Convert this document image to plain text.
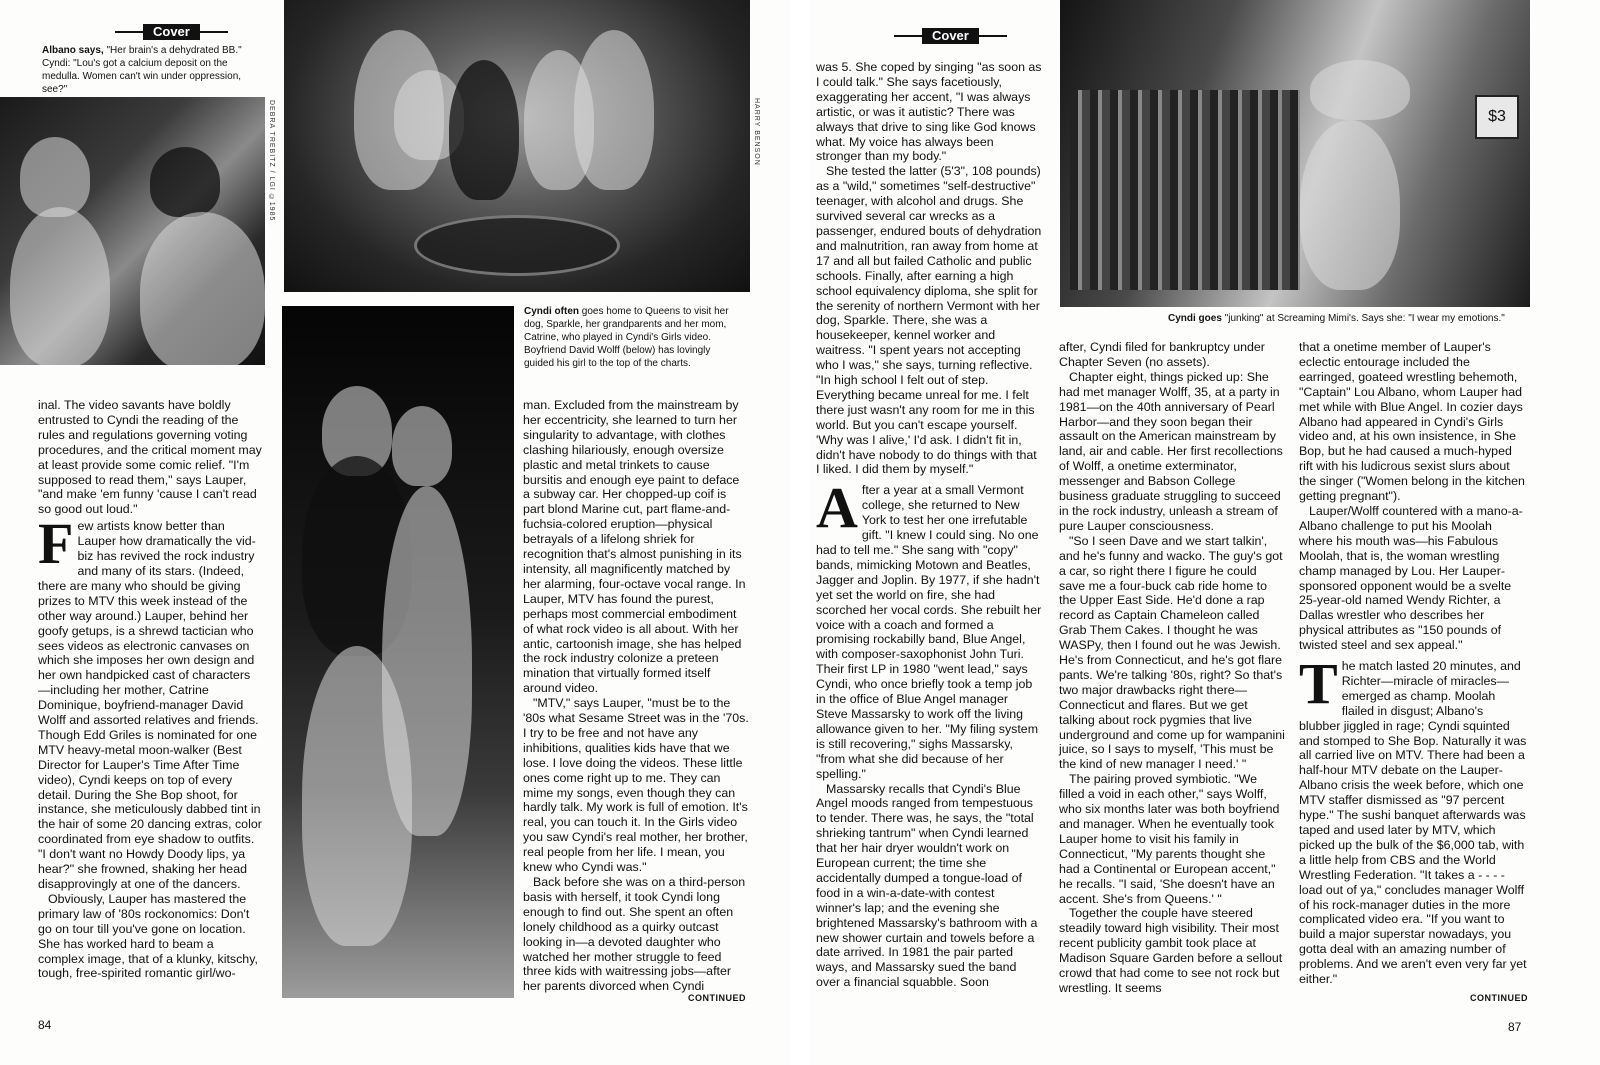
Cover
Albano says, "Her brain's a dehydrated BB." Cyndi: "Lou's got a calcium deposit on the medulla. Women can't win under oppression, see?"
DEBRA TREBITZ / LGI ©1985	HARRY BENSON
Cyndi often goes home to Queens to visit her dog, Sparkle, her grandparents and her mom, Catrine, who played in Cyndi's Girls video. Boyfriend David Wolff (below) has lovingly guided his girl to the top of the charts.

inal. The video savants have boldly entrusted to Cyndi the reading of the rules and regulations governing voting procedures, and the critical moment may at least provide some comic relief. "I'm supposed to read them," says Lauper, "and make 'em funny 'cause I can't read so good out loud."

Few artists know better than Lauper how dramatically the vid-biz has revived the rock industry and many of its stars. (Indeed, there are many who should be giving prizes to MTV this week instead of the other way around.) Lauper, behind her goofy getups, is a shrewd tactician who sees videos as electronic canvases on which she imposes her own design and her own handpicked cast of characters—including her mother, Catrine Dominique, boyfriend-manager David Wolff and assorted relatives and friends. Though Edd Griles is nominated for one MTV heavy-metal moon-walker (Best Director for Lauper's Time After Time video), Cyndi keeps on top of every detail. During the She Bop shoot, for instance, she meticulously dabbed tint in the hair of some 20 dancing extras, color coordinated from eye shadow to outfits. "I don't want no Howdy Doody lips, ya hear?" she frowned, shaking her head disapprovingly at one of the dancers.

Obviously, Lauper has mastered the primary law of '80s rockonomics: Don't go on tour till you've gone on location. She has worked hard to beam a complex image, that of a klunky, kitschy, tough, free-spirited romantic girl/wo-

man. Excluded from the mainstream by her eccentricity, she learned to turn her singularity to advantage, with clothes clashing hilariously, enough oversize plastic and metal trinkets to cause bursitis and enough eye paint to deface a subway car. Her chopped-up coif is part blond Marine cut, part flame-and-fuchsia-colored eruption—physical betrayals of a lifelong shriek for recognition that's almost punishing in its intensity, all magnificently matched by her alarming, four-octave vocal range. In Lauper, MTV has found the purest, perhaps most commercial embodiment of what rock video is all about. With her antic, cartoonish image, she has helped the rock industry colonize a preteen mination that virtually formed itself around video.

"MTV," says Lauper, "must be to the '80s what Sesame Street was in the '70s. I try to be free and not have any inhibitions, qualities kids have that we lose. I love doing the videos. These little ones come right up to me. They can mime my songs, even though they can hardly talk. My work is full of emotion. It's real, you can touch it. In the Girls video you saw Cyndi's real mother, her brother, real people from her life. I mean, you knew who Cyndi was."

Back before she was on a third-person basis with herself, it took Cyndi long enough to find out. She spent an often lonely childhood as a quirky outcast looking in—a devoted daughter who watched her mother struggle to feed three kids with waitressing jobs—after her parents divorced when Cyndi

CONTINUED
84
Cover
$3
Cyndi goes "junking" at Screaming Mimi's. Says she: "I wear my emotions."

was 5. She coped by singing "as soon as I could talk." She says facetiously, exaggerating her accent, "I was always artistic, or was it autistic? There was always that drive to sing like God knows what. My voice has always been stronger than my body."

She tested the latter (5'3", 108 pounds) as a "wild," sometimes "self-destructive" teenager, with alcohol and drugs. She survived several car wrecks as a passenger, endured bouts of dehydration and malnutrition, ran away from home at 17 and all but failed Catholic and public schools. Finally, after earning a high school equivalency diploma, she split for the serenity of northern Vermont with her dog, Sparkle. There, she was a housekeeper, kennel worker and waitress. "I spent years not accepting who I was," she says, turning reflective. "In high school I felt out of step. Everything became unreal for me. I felt there just wasn't any room for me in this world. But you can't escape yourself. 'Why was I alive,' I'd ask. I didn't fit in, didn't have nobody to do things with that I liked. I did them by myself."

After a year at a small Vermont college, she returned to New York to test her one irrefutable gift. "I knew I could sing. No one had to tell me." She sang with "copy" bands, mimicking Motown and Beatles, Jagger and Joplin. By 1977, if she hadn't yet set the world on fire, she had scorched her vocal cords. She rebuilt her voice with a coach and formed a promising rockabilly band, Blue Angel, with composer-saxophonist John Turi. Their first LP in 1980 "went lead," says Cyndi, who once briefly took a temp job in the office of Blue Angel manager Steve Massarsky to work off the living allowance given to her. "My filing system is still recovering," sighs Massarsky, "from what she did because of her spelling."

Massarsky recalls that Cyndi's Blue Angel moods ranged from tempestuous to tender. There was, he says, the "total shrieking tantrum" when Cyndi learned that her hair dryer wouldn't work on European current; the time she accidentally dumped a tongue-load of food in a win-a-date-with contest winner's lap; and the evening she brightened Massarsky's bathroom with a new shower curtain and towels before a date arrived. In 1981 the pair parted ways, and Massarsky sued the band over a financial squabble. Soon

after, Cyndi filed for bankruptcy under Chapter Seven (no assets).

Chapter eight, things picked up: She had met manager Wolff, 35, at a party in 1981—on the 40th anniversary of Pearl Harbor—and they soon began their assault on the American mainstream by land, air and cable. Her first recollections of Wolff, a onetime exterminator, messenger and Babson College business graduate struggling to succeed in the rock industry, unleash a stream of pure Lauper consciousness.

"So I seen Dave and we start talkin', and he's funny and wacko. The guy's got a car, so right there I figure he could save me a four-buck cab ride home to the Upper East Side. He'd done a rap record as Captain Chameleon called Grab Them Cakes. I thought he was WASPy, then I found out he was Jewish. He's from Connecticut, and he's got flare pants. We're talking '80s, right? So that's two major drawbacks right there—Connecticut and flares. But we get talking about rock pygmies that live underground and come up for wampanini juice, so I says to myself, 'This must be the kind of new manager I need.' "

The pairing proved symbiotic. "We filled a void in each other," says Wolff, who six months later was both boyfriend and manager. When he eventually took Lauper home to visit his family in Connecticut, "My parents thought she had a Continental or European accent," he recalls. "I said, 'She doesn't have an accent. She's from Queens.' "

Together the couple have steered steadily toward high visibility. Their most recent publicity gambit took place at Madison Square Garden before a sellout crowd that had come to see not rock but wrestling. It seems

that a onetime member of Lauper's eclectic entourage included the earringed, goateed wrestling behemoth, "Captain" Lou Albano, whom Lauper had met while with Blue Angel. In cozier days Albano had appeared in Cyndi's Girls video and, at his own insistence, in She Bop, but he had caused a much-hyped rift with his ludicrous sexist slurs about the singer ("Women belong in the kitchen getting pregnant").

Lauper/Wolff countered with a mano-a-Albano challenge to put his Moolah where his mouth was—his Fabulous Moolah, that is, the woman wrestling champ managed by Lou. Her Lauper-sponsored opponent would be a svelte 25-year-old named Wendy Richter, a Dallas wrestler who describes her physical attributes as "150 pounds of twisted steel and sex appeal."

The match lasted 20 minutes, and Richter—miracle of miracles—emerged as champ. Moolah flailed in disgust; Albano's blubber jiggled in rage; Cyndi squinted and stomped to She Bop. Naturally it was all carried live on MTV. There had been a half-hour MTV debate on the Lauper-Albano crisis the week before, which one MTV staffer dismissed as "97 percent hype." The sushi banquet afterwards was taped and used later by MTV, which picked up the bulk of the $6,000 tab, with a little help from CBS and the World Wrestling Federation. "It takes a - - - -load out of ya," concludes manager Wolff of his rock-manager duties in the more complicated video era. "If you want to build a major superstar nowadays, you gotta deal with an amazing number of problems. And we aren't even very far yet either."

CONTINUED
87
